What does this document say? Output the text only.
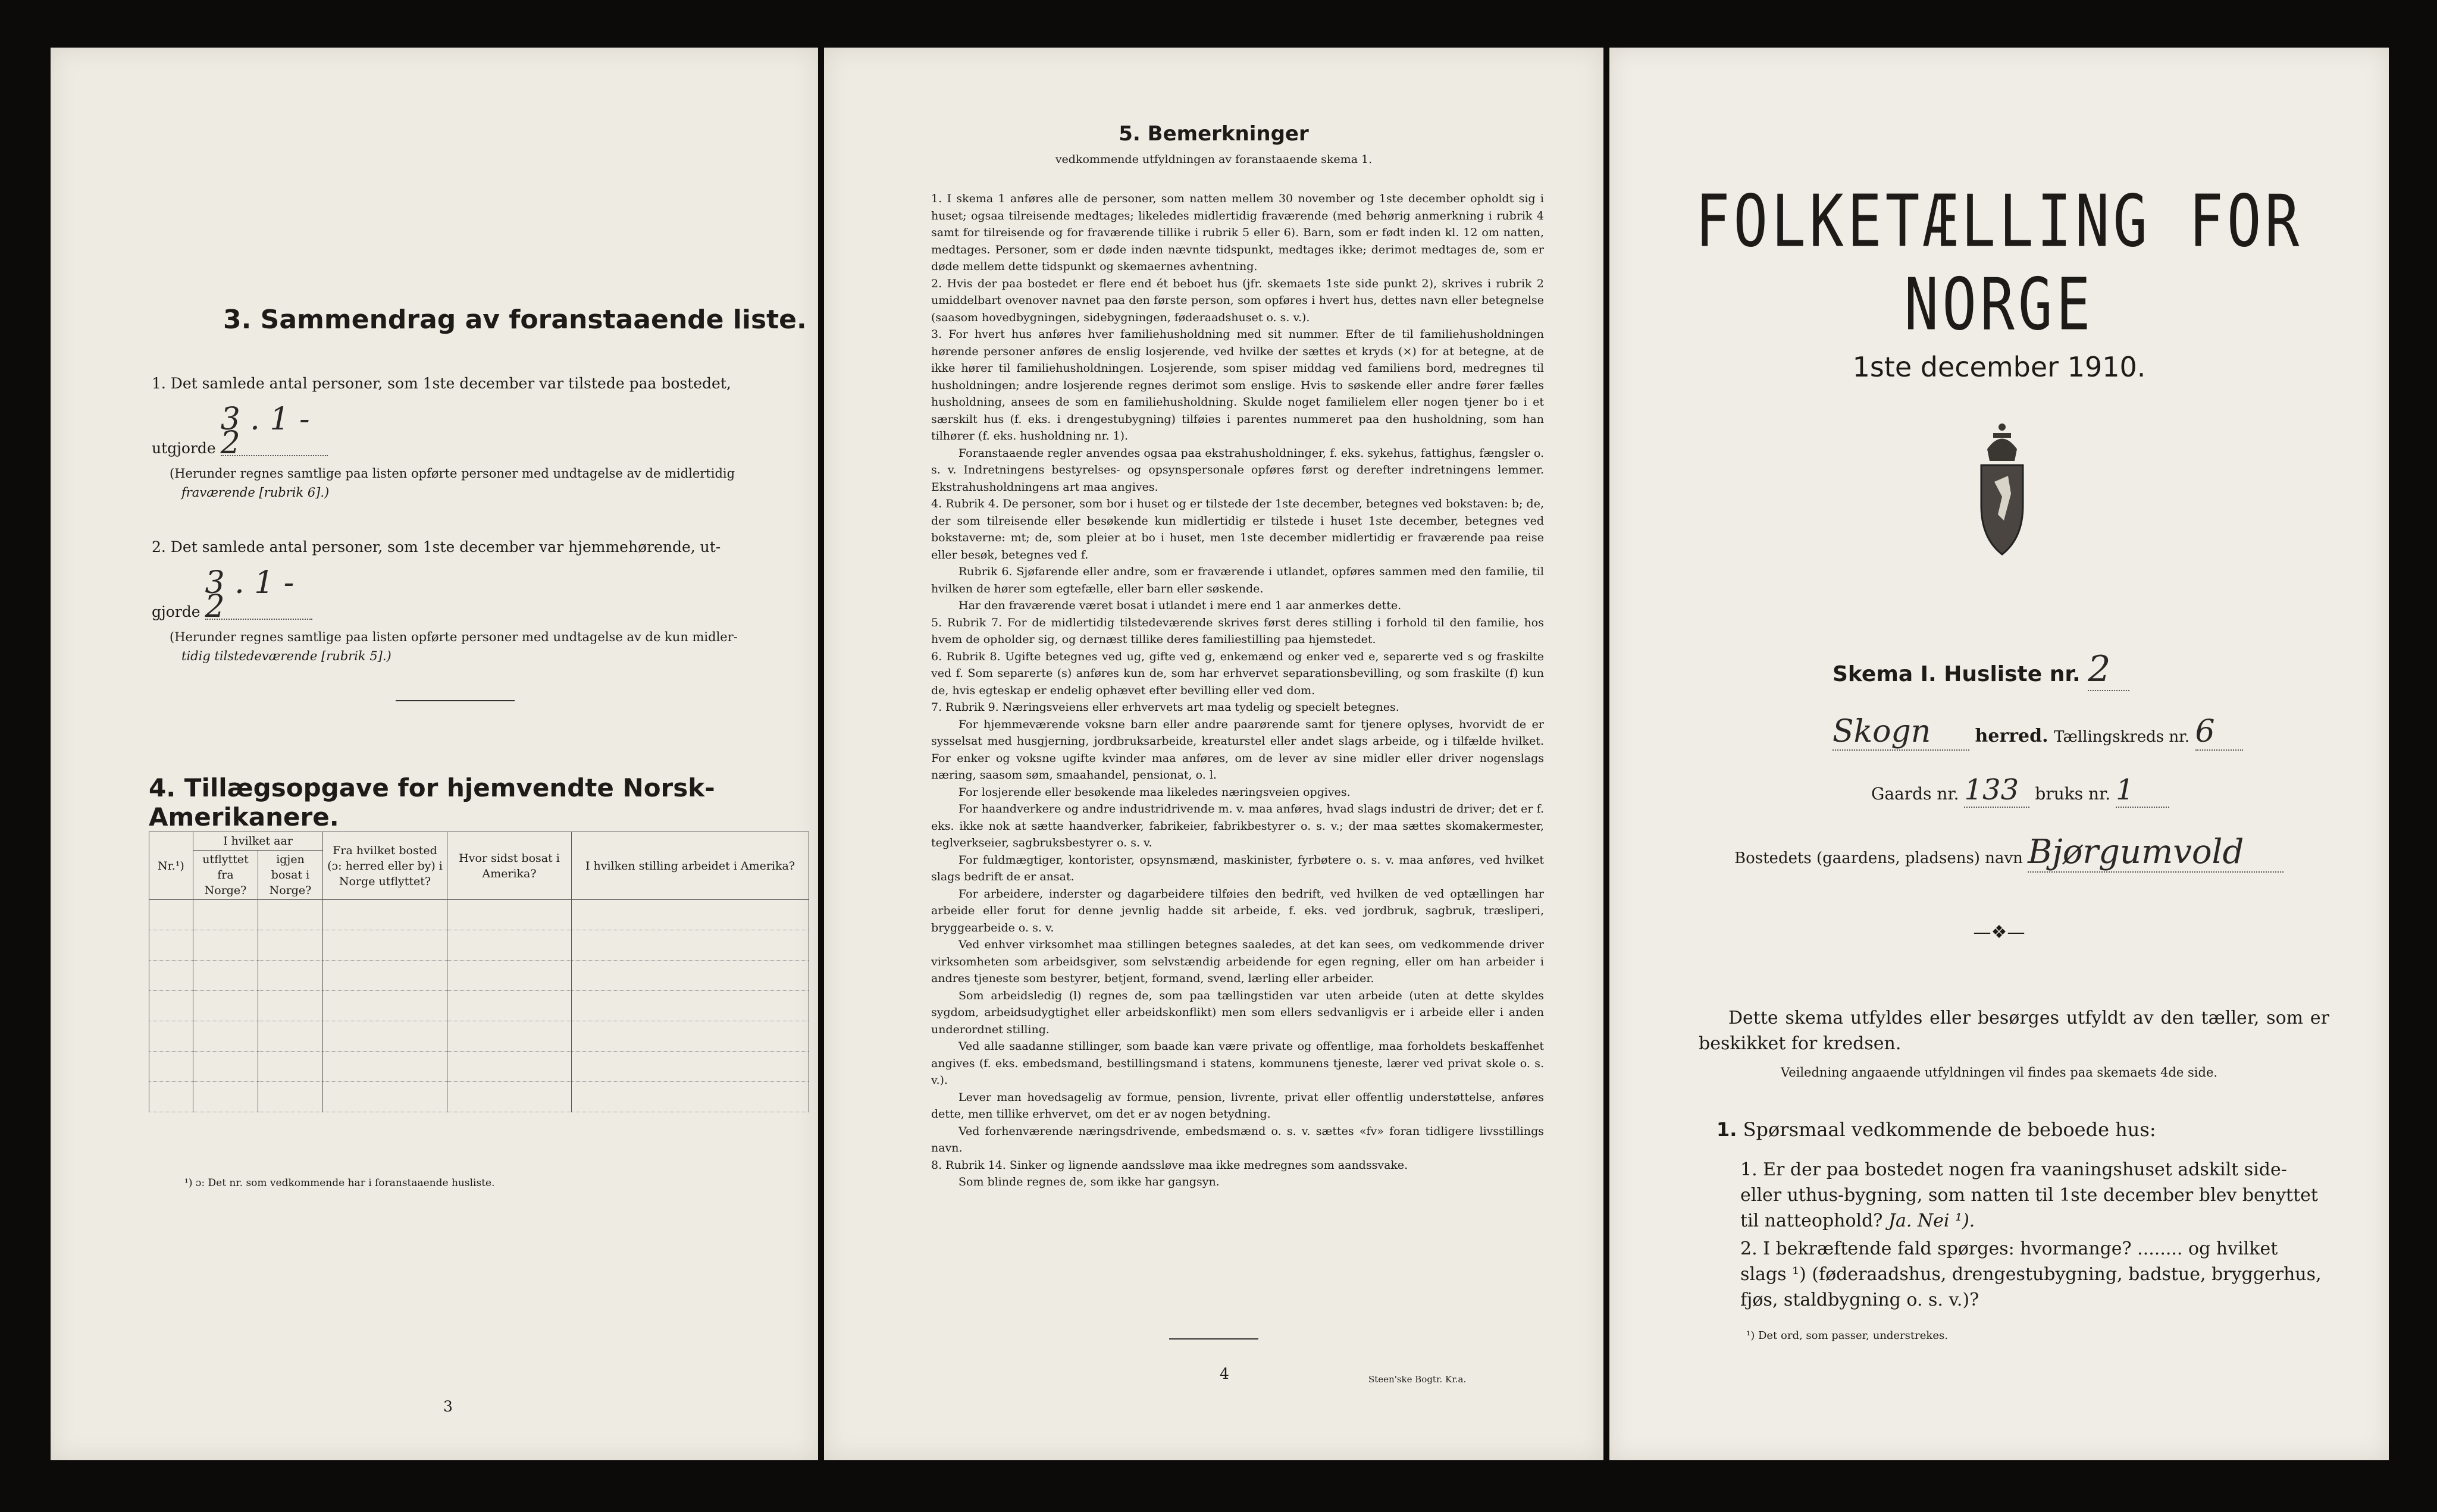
3. Sammendrag av foranstaaende liste.
1. Det samlede antal personer, som 1ste december var tilstede paa bostedet,
utgjorde 3 . 1 - 2
(Herunder regnes samtlige paa listen opførte personer med undtagelse av de midlertidig
fraværende [rubrik 6].)
2. Det samlede antal personer, som 1ste december var hjemmehørende, ut-
gjorde 3 . 1 - 2
(Herunder regnes samtlige paa listen opførte personer med undtagelse av de kun midler-
tidig tilstedeværende [rubrik 5].)
4. Tillægsopgave for hjemvendte Norsk-Amerikanere.
Nr.¹)	I hvilket aar		Fra hvilket bosted (ɔ: herred eller by) i Norge utflyttet?	Hvor sidst bosat i Amerika?	I hvilken stilling arbeidet i Amerika?
	utflyttet fra Norge?	igjen bosat i Norge?			

¹) ɔ: Det nr. som vedkommende har i foranstaaende husliste.
3
5. Bemerkninger
vedkommende utfyldningen av foranstaaende skema 1.

1. I skema 1 anføres alle de personer, som natten mellem 30 november og 1ste december opholdt sig i huset; ogsaa tilreisende medtages; likeledes midlertidig fraværende (med behørig anmerkning i rubrik 4 samt for tilreisende og for fraværende tillike i rubrik 5 eller 6). Barn, som er født inden kl. 12 om natten, medtages. Personer, som er døde inden nævnte tidspunkt, medtages ikke; derimot medtages de, som er døde mellem dette tidspunkt og skemaernes avhentning.

2. Hvis der paa bostedet er flere end ét beboet hus (jfr. skemaets 1ste side punkt 2), skrives i rubrik 2 umiddelbart ovenover navnet paa den første person, som opføres i hvert hus, dettes navn eller betegnelse (saasom hovedbygningen, sidebygningen, føderaadshuset o. s. v.).

3. For hvert hus anføres hver familiehusholdning med sit nummer. Efter de til familiehusholdningen hørende personer anføres de enslig losjerende, ved hvilke der sættes et kryds (×) for at betegne, at de ikke hører til familiehusholdningen. Losjerende, som spiser middag ved familiens bord, medregnes til husholdningen; andre losjerende regnes derimot som enslige. Hvis to søskende eller andre fører fælles husholdning, ansees de som en familiehusholdning. Skulde noget familielem eller nogen tjener bo i et særskilt hus (f. eks. i drengestubygning) tilføies i parentes nummeret paa den husholdning, som han tilhører (f. eks. husholdning nr. 1).

Foranstaaende regler anvendes ogsaa paa ekstrahusholdninger, f. eks. sykehus, fattighus, fængsler o. s. v. Indretningens bestyrelses- og opsynspersonale opføres først og derefter indretningens lemmer. Ekstrahusholdningens art maa angives.

4. Rubrik 4. De personer, som bor i huset og er tilstede der 1ste december, betegnes ved bokstaven: b; de, der som tilreisende eller besøkende kun midlertidig er tilstede i huset 1ste december, betegnes ved bokstaverne: mt; de, som pleier at bo i huset, men 1ste december midlertidig er fraværende paa reise eller besøk, betegnes ved f.

Rubrik 6. Sjøfarende eller andre, som er fraværende i utlandet, opføres sammen med den familie, til hvilken de hører som egtefælle, eller barn eller søskende.

Har den fraværende været bosat i utlandet i mere end 1 aar anmerkes dette.

5. Rubrik 7. For de midlertidig tilstedeværende skrives først deres stilling i forhold til den familie, hos hvem de opholder sig, og dernæst tillike deres familiestilling paa hjemstedet.

6. Rubrik 8. Ugifte betegnes ved ug, gifte ved g, enkemænd og enker ved e, separerte ved s og fraskilte ved f. Som separerte (s) anføres kun de, som har erhvervet separationsbevilling, og som fraskilte (f) kun de, hvis egteskap er endelig ophævet efter bevilling eller ved dom.

7. Rubrik 9. Næringsveiens eller erhvervets art maa tydelig og specielt betegnes.

For hjemmeværende voksne barn eller andre paarørende samt for tjenere oplyses, hvorvidt de er sysselsat med husgjerning, jordbruksarbeide, kreaturstel eller andet slags arbeide, og i tilfælde hvilket. For enker og voksne ugifte kvinder maa anføres, om de lever av sine midler eller driver nogenslags næring, saasom søm, smaahandel, pensionat, o. l.

For losjerende eller besøkende maa likeledes næringsveien opgives.

For haandverkere og andre industridrivende m. v. maa anføres, hvad slags industri de driver; det er f. eks. ikke nok at sætte haandverker, fabrikeier, fabrikbestyrer o. s. v.; der maa sættes skomakermester, teglverkseier, sagbruksbestyrer o. s. v.

For fuldmægtiger, kontorister, opsynsmænd, maskinister, fyrbøtere o. s. v. maa anføres, ved hvilket slags bedrift de er ansat.

For arbeidere, inderster og dagarbeidere tilføies den bedrift, ved hvilken de ved optællingen har arbeide eller forut for denne jevnlig hadde sit arbeide, f. eks. ved jordbruk, sagbruk, træsliperi, bryggearbeide o. s. v.

Ved enhver virksomhet maa stillingen betegnes saaledes, at det kan sees, om vedkommende driver virksomheten som arbeidsgiver, som selvstændig arbeidende for egen regning, eller om han arbeider i andres tjeneste som bestyrer, betjent, formand, svend, lærling eller arbeider.

Som arbeidsledig (l) regnes de, som paa tællingstiden var uten arbeide (uten at dette skyldes sygdom, arbeidsudygtighet eller arbeidskonflikt) men som ellers sedvanligvis er i arbeide eller i anden underordnet stilling.

Ved alle saadanne stillinger, som baade kan være private og offentlige, maa forholdets beskaffenhet angives (f. eks. embedsmand, bestillingsmand i statens, kommunens tjeneste, lærer ved privat skole o. s. v.).

Lever man hovedsagelig av formue, pension, livrente, privat eller offentlig understøttelse, anføres dette, men tillike erhvervet, om det er av nogen betydning.

Ved forhenværende næringsdrivende, embedsmænd o. s. v. sættes «fv» foran tidligere livsstillings navn.

8. Rubrik 14. Sinker og lignende aandssløve maa ikke medregnes som aandssvake.

Som blinde regnes de, som ikke har gangsyn.

4	Steen'ske Bogtr. Kr.a.
FOLKETÆLLING FOR NORGE
1ste december 1910.
Skema I. Husliste nr. 2
Skogn herred. Tællingskreds nr. 6
Gaards nr. 133 bruks nr. 1
Bostedets (gaardens, pladsens) navn Bjørgumvold
—❖—
Dette skema utfyldes eller besørges utfyldt av den tæller, som er beskikket for kredsen.
Veiledning angaaende utfyldningen vil findes paa skemaets 4de side.
1. Spørsmaal vedkommende de beboede hus:
1. Er der paa bostedet nogen fra vaaningshuset adskilt side- eller uthus-bygning, som natten til 1ste december blev benyttet til natteophold? Ja. Nei ¹).
2. I bekræftende fald spørges: hvormange? ........ og hvilket slags ¹) (føderaadshus, drengestubygning, badstue, bryggerhus, fjøs, staldbygning o. s. v.)?
¹) Det ord, som passer, understrekes.
